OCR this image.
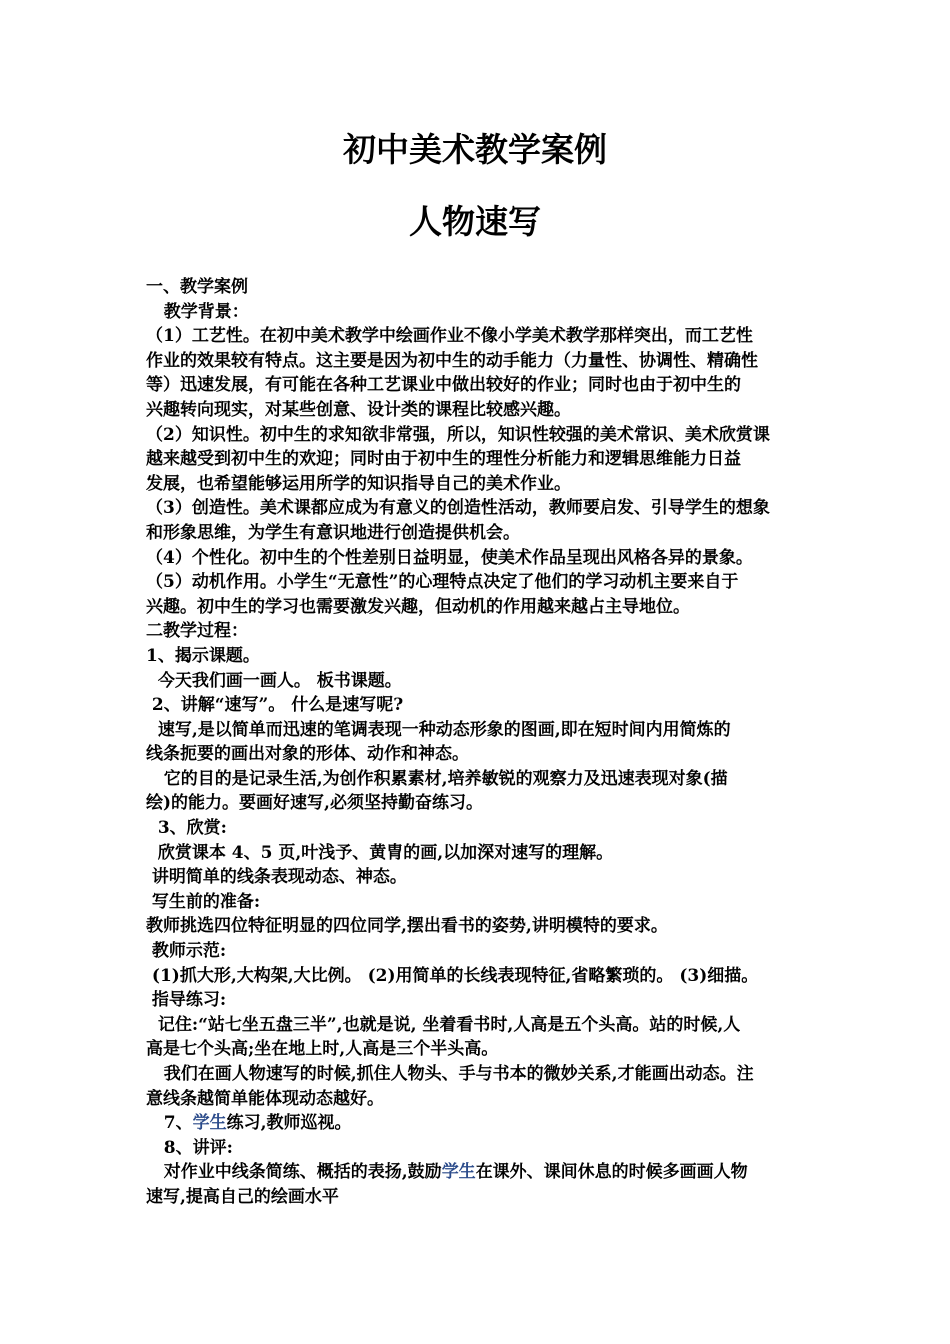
初中美术教学案例
人物速写
一、教学案例
教学背景：
（1）工艺性。在初中美术教学中绘画作业不像小学美术教学那样突出，而工艺性
作业的效果较有特点。这主要是因为初中生的动手能力（力量性、协调性、精确性
等）迅速发展，有可能在各种工艺课业中做出较好的作业；同时也由于初中生的
兴趣转向现实，对某些创意、设计类的课程比较感兴趣。
（2）知识性。初中生的求知欲非常强，所以，知识性较强的美术常识、美术欣赏课
越来越受到初中生的欢迎；同时由于初中生的理性分析能力和逻辑思维能力日益
发展，也希望能够运用所学的知识指导自己的美术作业。
（3）创造性。美术课都应成为有意义的创造性活动，教师要启发、引导学生的想象
和形象思维，为学生有意识地进行创造提供机会。
（4）个性化。初中生的个性差别日益明显，使美术作品呈现出风格各异的景象。
（5）动机作用。小学生“无意性”的心理特点决定了他们的学习动机主要来自于
兴趣。初中生的学习也需要激发兴趣，但动机的作用越来越占主导地位。
二教学过程：
1、揭示课题。
今天我们画一画人。 板书课题。
2、讲解“速写”。 什么是速写呢?
速写,是以简单而迅速的笔调表现一种动态形象的图画,即在短时间内用简炼的
线条扼要的画出对象的形体、动作和神态。
它的目的是记录生活,为创作积累素材,培养敏锐的观察力及迅速表现对象(描
绘)的能力。要画好速写,必须坚持勤奋练习。
3、欣赏:
欣赏课本 4、5 页,叶浅予、黄胄的画,以加深对速写的理解。
讲明简单的线条表现动态、神态。
写生前的准备:
教师挑选四位特征明显的四位同学,摆出看书的姿势,讲明模特的要求。
教师示范:
(1)抓大形,大构架,大比例。 (2)用简单的长线表现特征,省略繁琐的。 (3)细描。
指导练习:
记住:“站七坐五盘三半”,也就是说, 坐着看书时,人高是五个头高。站的时候,人
高是七个头高;坐在地上时,人高是三个半头高。
我们在画人物速写的时候,抓住人物头、手与书本的微妙关系,才能画出动态。注
意线条越简单能体现动态越好。
7、学生练习,教师巡视。
8、讲评:
对作业中线条简练、概括的表扬,鼓励学生在课外、课间休息的时候多画画人物
速写,提高自己的绘画水平
